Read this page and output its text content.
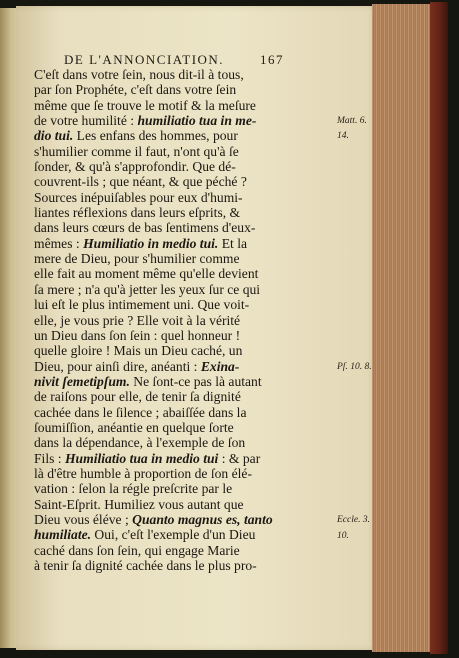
DE L'ANNONCIATION.	167
C'eſt dans votre ſein, nous dit-il à tous,
par ſon Prophéte, c'eſt dans votre ſein
même que ſe trouve le motif & la meſure
de votre humilité : humiliatio tua in me-
dio tui. Les enfans des hommes, pour
s'humilier comme il faut, n'ont qu'à ſe
ſonder, & qu'à s'approfondir. Que dé-
couvrent-ils ; que néant, & que péché ?
Sources inépuiſables pour eux d'humi-
liantes réflexions dans leurs eſprits, &
dans leurs cœurs de bas ſentimens d'eux-
mêmes : Humiliatio in medio tui. Et la
mere de Dieu, pour s'humilier comme
elle fait au moment même qu'elle devient
ſa mere ; n'a qu'à jetter les yeux ſur ce qui
lui eſt le plus intimement uni. Que voit-
elle, je vous prie ? Elle voit à la vérité
un Dieu dans ſon ſein : quel honneur !
quelle gloire ! Mais un Dieu caché, un
Dieu, pour ainſi dire, anéanti : Exina-
nivit ſemetipſum. Ne ſont-ce pas là autant
de raiſons pour elle, de tenir ſa dignité
cachée dans le ſilence ; abaiſſée dans la
ſoumiſſion, anéantie en quelque ſorte
dans la dépendance, à l'exemple de ſon
Fils : Humiliatio tua in medio tui : & par
là d'être humble à proportion de ſon élé-
vation : ſelon la régle preſcrite par le
Saint-Eſprit. Humiliez vous autant que
Dieu vous éléve ; Quanto magnus es, tanto
humiliate. Oui, c'eſt l'exemple d'un Dieu
caché dans ſon ſein, qui engage Marie
à tenir ſa dignité cachée dans le plus pro-
Matt. 6.
14.
Pſ. 10. 8.
Eccle. 3.
10.
